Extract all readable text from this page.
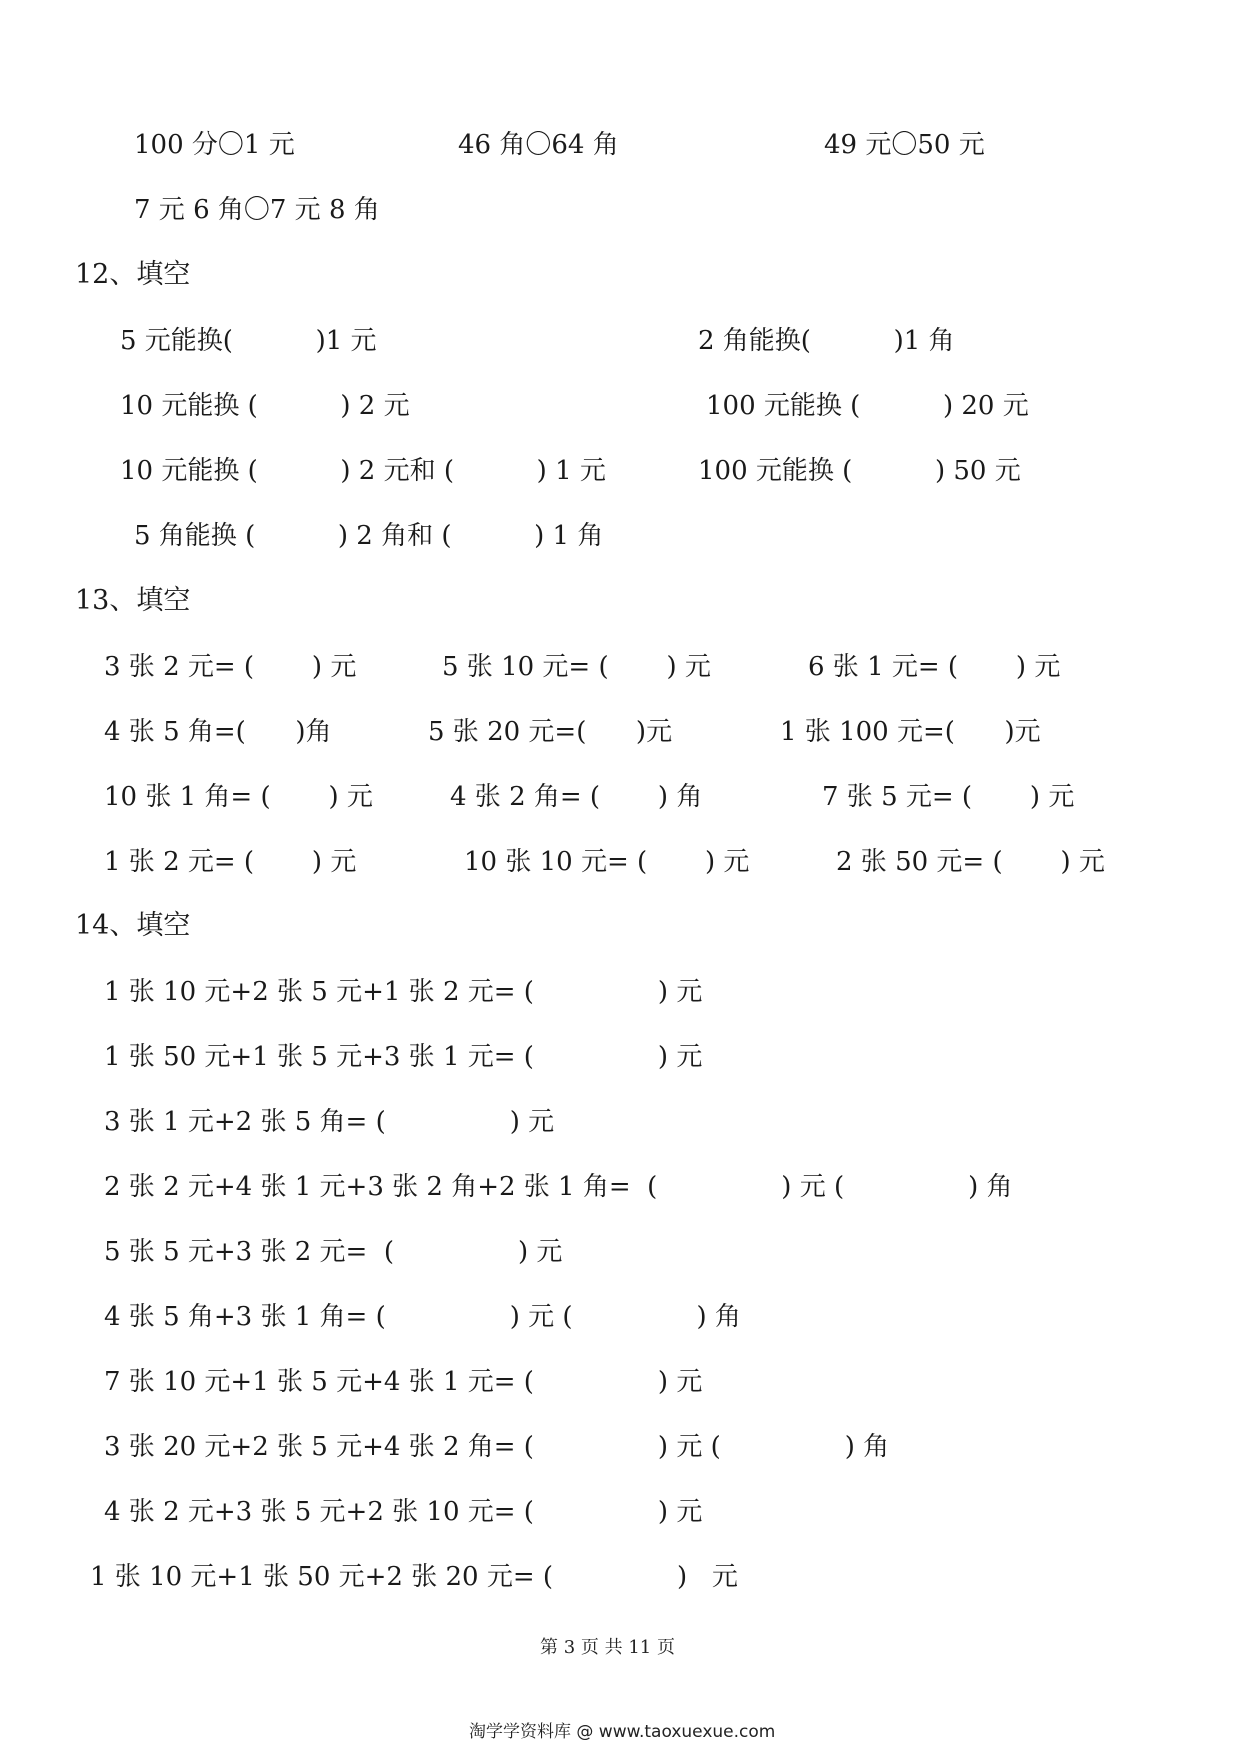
100 分〇1 元	46 角〇64 角	49 元〇50 元
7 元 6 角〇7 元 8 角
12、填空
5 元能换(          )1 元	2 角能换(          )1 角
10 元能换 (          ) 2 元	100 元能换 (          ) 20 元
10 元能换 (          ) 2 元和 (          ) 1 元	100 元能换 (          ) 50 元
5 角能换 (          ) 2 角和 (          ) 1 角
13、填空
3 张 2 元= (       ) 元	5 张 10 元= (       ) 元	6 张 1 元= (       ) 元
4 张 5 角=(      )角	5 张 20 元=(      )元	1 张 100 元=(      )元
10 张 1 角= (       ) 元	4 张 2 角= (       ) 角	7 张 5 元= (       ) 元
1 张 2 元= (       ) 元	10 张 10 元= (       ) 元	2 张 50 元= (       ) 元
14、填空
1 张 10 元+2 张 5 元+1 张 2 元= (               ) 元
1 张 50 元+1 张 5 元+3 张 1 元= (               ) 元
3 张 1 元+2 张 5 角= (               ) 元
2 张 2 元+4 张 1 元+3 张 2 角+2 张 1 角=  (               ) 元 (               ) 角
5 张 5 元+3 张 2 元=  (               ) 元
4 张 5 角+3 张 1 角= (               ) 元 (               ) 角
7 张 10 元+1 张 5 元+4 张 1 元= (               ) 元
3 张 20 元+2 张 5 元+4 张 2 角= (               ) 元 (               ) 角
4 张 2 元+3 张 5 元+2 张 10 元= (               ) 元
1 张 10 元+1 张 50 元+2 张 20 元= (               )   元
第 3 页 共 11 页
淘学学资料库 @ www.taoxuexue.com
